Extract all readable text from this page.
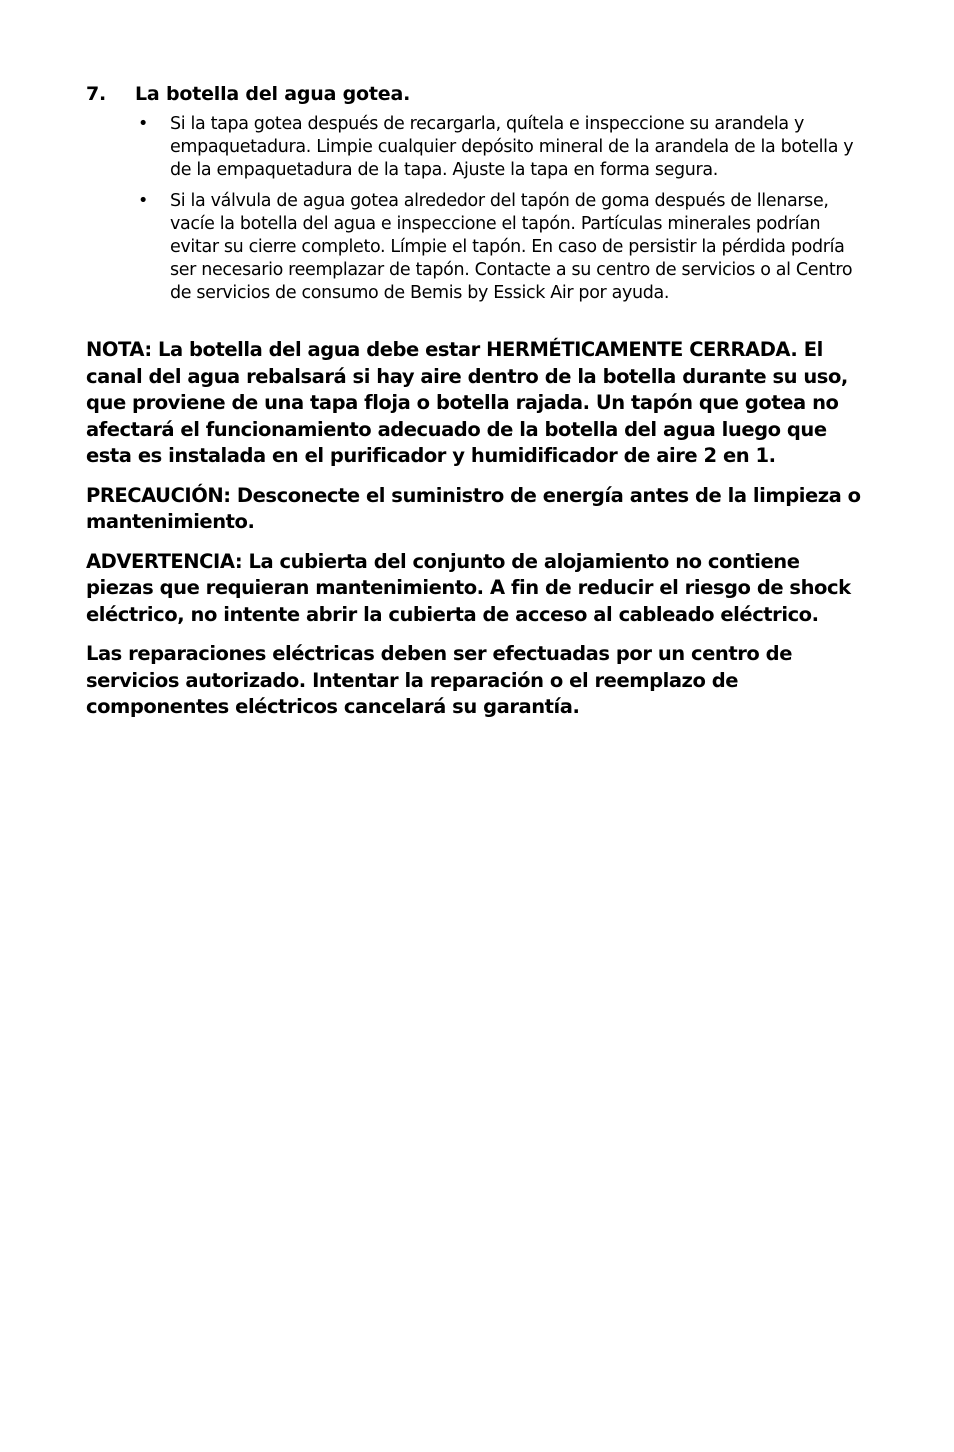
7.	La botella del agua gotea.
•	Si la tapa gotea después de recargarla, quítela e inspeccione su arandela y empaquetadura. Limpie cualquier depósito mineral de la arandela de la botella y de la empaquetadura de la tapa. Ajuste la tapa en forma segura.
•	Si la válvula de agua gotea alrededor del tapón de goma después de llenarse, vacíe la botella del agua e inspeccione el tapón. Partículas minerales podrían evitar su cierre completo. Límpie el tapón. En caso de persistir la pérdida podría ser necesario reemplazar de tapón. Contacte a su centro de servicios o al Centro de servicios de consumo de Bemis by Essick Air por ayuda.

NOTA: La botella del agua debe estar HERMÉTICAMENTE CERRADA. El canal del agua rebalsará si hay aire dentro de la botella durante su uso, que proviene de una tapa floja o botella rajada. Un tapón que gotea no afectará el funcionamiento adecuado de la botella del agua luego que esta es instalada en el purificador y humidificador de aire 2 en 1.

PRECAUCIÓN: Desconecte el suministro de energía antes de la limpieza o mantenimiento.

ADVERTENCIA: La cubierta del conjunto de alojamiento no contiene piezas que requieran mantenimiento. A fin de reducir el riesgo de shock eléctrico, no intente abrir la cubierta de acceso al cableado eléctrico.

Las reparaciones eléctricas deben ser efectuadas por un centro de servicios autorizado. Intentar la reparación o el reemplazo de componentes eléctricos cancelará su garantía.
